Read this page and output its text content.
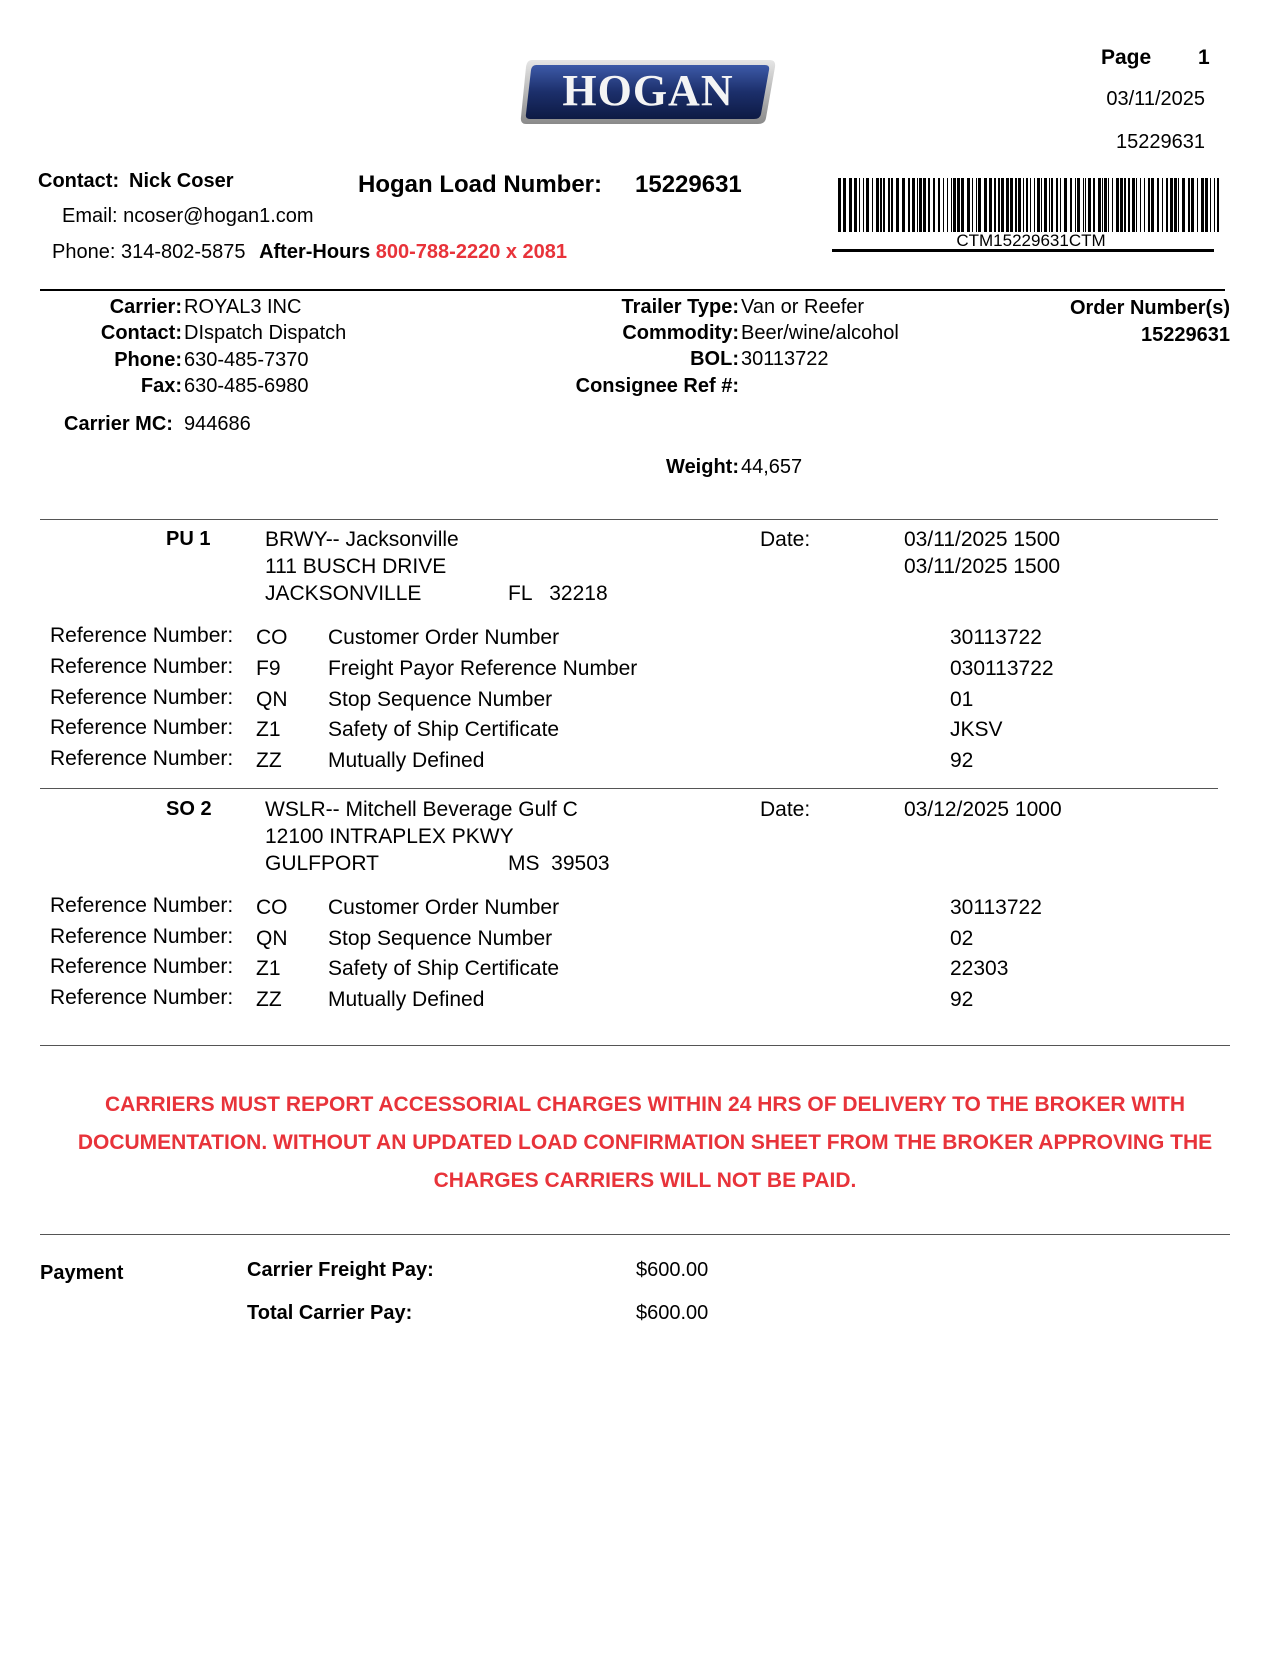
HOGAN
Page 1
03/11/2025
15229631
Contact: Nick Coser
Email: ncoser@hogan1.com
Phone: 314-802-5875 After-Hours 800-788-2220 x 2081
Hogan Load Number: 15229631
CTM15229631CTM
Carrier: ROYAL3 INC
Contact: DIspatch Dispatch
Phone: 630-485-7370
Fax: 630-485-6980
Carrier MC: 944686
Trailer Type: Van or Reefer
Commodity: Beer/wine/alcohol
BOL: 30113722
Consignee Ref #:
Weight: 44,657
Order Number(s)
15229631
PU 1	BRWY-- Jacksonville
111 BUSCH DRIVE
JACKSONVILLE	FL   32218
Date:	03/11/2025 1500
03/11/2025 1500
Reference Number: CO Customer Order Number	30113722
Reference Number: F9 Freight Payor Reference Number	030113722
Reference Number: QN Stop Sequence Number	01
Reference Number: Z1 Safety of Ship Certificate	JKSV
Reference Number: ZZ Mutually Defined	92
SO 2	WSLR-- Mitchell Beverage Gulf C
12100 INTRAPLEX PKWY
GULFPORT	MS  39503
Date:	03/12/2025 1000
Reference Number: CO Customer Order Number	30113722
Reference Number: QN Stop Sequence Number	02
Reference Number: Z1 Safety of Ship Certificate	22303
Reference Number: ZZ Mutually Defined	92
CARRIERS MUST REPORT ACCESSORIAL CHARGES WITHIN 24 HRS OF DELIVERY TO THE BROKER WITH
DOCUMENTATION. WITHOUT AN UPDATED LOAD CONFIRMATION SHEET FROM THE BROKER APPROVING THE
CHARGES CARRIERS WILL NOT BE PAID.
Payment	Carrier Freight Pay:	$600.00
Total Carrier Pay:	$600.00
